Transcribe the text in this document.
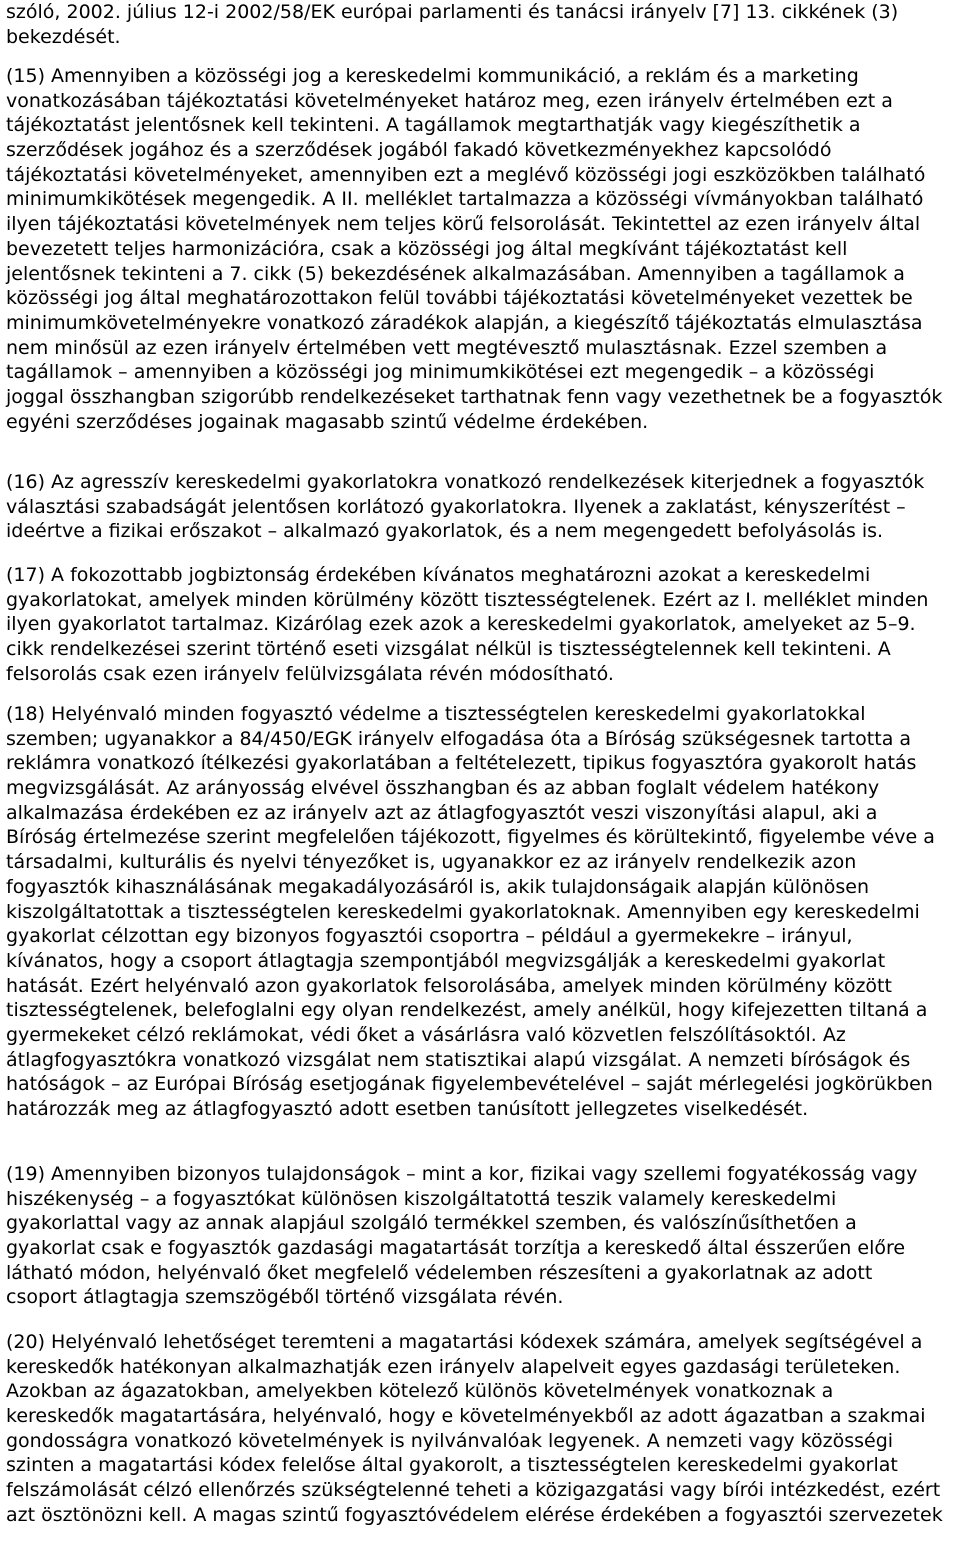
szóló, 2002. július 12-i 2002/58/EK európai parlamenti és tanácsi irányelv [7] 13. cikkének (3)
bekezdését.
(15) Amennyiben a közösségi jog a kereskedelmi kommunikáció, a reklám és a marketing
vonatkozásában tájékoztatási követelményeket határoz meg, ezen irányelv értelmében ezt a
tájékoztatást jelentősnek kell tekinteni. A tagállamok megtarthatják vagy kiegészíthetik a
szerződések jogához és a szerződések jogából fakadó következményekhez kapcsolódó
tájékoztatási követelményeket, amennyiben ezt a meglévő közösségi jogi eszközökben található
minimumkikötések megengedik. A II. melléklet tartalmazza a közösségi vívmányokban található
ilyen tájékoztatási követelmények nem teljes körű felsorolását. Tekintettel az ezen irányelv által
bevezetett teljes harmonizációra, csak a közösségi jog által megkívánt tájékoztatást kell
jelentősnek tekinteni a 7. cikk (5) bekezdésének alkalmazásában. Amennyiben a tagállamok a
közösségi jog által meghatározottakon felül további tájékoztatási követelményeket vezettek be
minimumkövetelményekre vonatkozó záradékok alapján, a kiegészítő tájékoztatás elmulasztása
nem minősül az ezen irányelv értelmében vett megtévesztő mulasztásnak. Ezzel szemben a
tagállamok – amennyiben a közösségi jog minimumkikötései ezt megengedik – a közösségi
joggal összhangban szigorúbb rendelkezéseket tarthatnak fenn vagy vezethetnek be a fogyasztók
egyéni szerződéses jogainak magasabb szintű védelme érdekében.
(16) Az agresszív kereskedelmi gyakorlatokra vonatkozó rendelkezések kiterjednek a fogyasztók
választási szabadságát jelentősen korlátozó gyakorlatokra. Ilyenek a zaklatást, kényszerítést –
ideértve a fizikai erőszakot – alkalmazó gyakorlatok, és a nem megengedett befolyásolás is.
(17) A fokozottabb jogbiztonság érdekében kívánatos meghatározni azokat a kereskedelmi
gyakorlatokat, amelyek minden körülmény között tisztességtelenek. Ezért az I. melléklet minden
ilyen gyakorlatot tartalmaz. Kizárólag ezek azok a kereskedelmi gyakorlatok, amelyeket az 5–9.
cikk rendelkezései szerint történő eseti vizsgálat nélkül is tisztességtelennek kell tekinteni. A
felsorolás csak ezen irányelv felülvizsgálata révén módosítható.
(18) Helyénvaló minden fogyasztó védelme a tisztességtelen kereskedelmi gyakorlatokkal
szemben; ugyanakkor a 84/450/EGK irányelv elfogadása óta a Bíróság szükségesnek tartotta a
reklámra vonatkozó ítélkezési gyakorlatában a feltételezett, tipikus fogyasztóra gyakorolt hatás
megvizsgálását. Az arányosság elvével összhangban és az abban foglalt védelem hatékony
alkalmazása érdekében ez az irányelv azt az átlagfogyasztót veszi viszonyítási alapul, aki a
Bíróság értelmezése szerint megfelelően tájékozott, figyelmes és körültekintő, figyelembe véve a
társadalmi, kulturális és nyelvi tényezőket is, ugyanakkor ez az irányelv rendelkezik azon
fogyasztók kihasználásának megakadályozásáról is, akik tulajdonságaik alapján különösen
kiszolgáltatottak a tisztességtelen kereskedelmi gyakorlatoknak. Amennyiben egy kereskedelmi
gyakorlat célzottan egy bizonyos fogyasztói csoportra – például a gyermekekre – irányul,
kívánatos, hogy a csoport átlagtagja szempontjából megvizsgálják a kereskedelmi gyakorlat
hatását. Ezért helyénvaló azon gyakorlatok felsorolásába, amelyek minden körülmény között
tisztességtelenek, belefoglalni egy olyan rendelkezést, amely anélkül, hogy kifejezetten tiltaná a
gyermekeket célzó reklámokat, védi őket a vásárlásra való közvetlen felszólításoktól. Az
átlagfogyasztókra vonatkozó vizsgálat nem statisztikai alapú vizsgálat. A nemzeti bíróságok és
hatóságok – az Európai Bíróság esetjogának figyelembevételével – saját mérlegelési jogkörükben
határozzák meg az átlagfogyasztó adott esetben tanúsított jellegzetes viselkedését.
(19) Amennyiben bizonyos tulajdonságok – mint a kor, fizikai vagy szellemi fogyatékosság vagy
hiszékenység – a fogyasztókat különösen kiszolgáltatottá teszik valamely kereskedelmi
gyakorlattal vagy az annak alapjául szolgáló termékkel szemben, és valószínűsíthetően a
gyakorlat csak e fogyasztók gazdasági magatartását torzítja a kereskedő által ésszerűen előre
látható módon, helyénvaló őket megfelelő védelemben részesíteni a gyakorlatnak az adott
csoport átlagtagja szemszögéből történő vizsgálata révén.
(20) Helyénvaló lehetőséget teremteni a magatartási kódexek számára, amelyek segítségével a
kereskedők hatékonyan alkalmazhatják ezen irányelv alapelveit egyes gazdasági területeken.
Azokban az ágazatokban, amelyekben kötelező különös követelmények vonatkoznak a
kereskedők magatartására, helyénvaló, hogy e követelményekből az adott ágazatban a szakmai
gondosságra vonatkozó követelmények is nyilvánvalóak legyenek. A nemzeti vagy közösségi
szinten a magatartási kódex felelőse által gyakorolt, a tisztességtelen kereskedelmi gyakorlat
felszámolását célzó ellenőrzés szükségtelenné teheti a közigazgatási vagy bírói intézkedést, ezért
azt ösztönözni kell. A magas szintű fogyasztóvédelem elérése érdekében a fogyasztói szervezetek
